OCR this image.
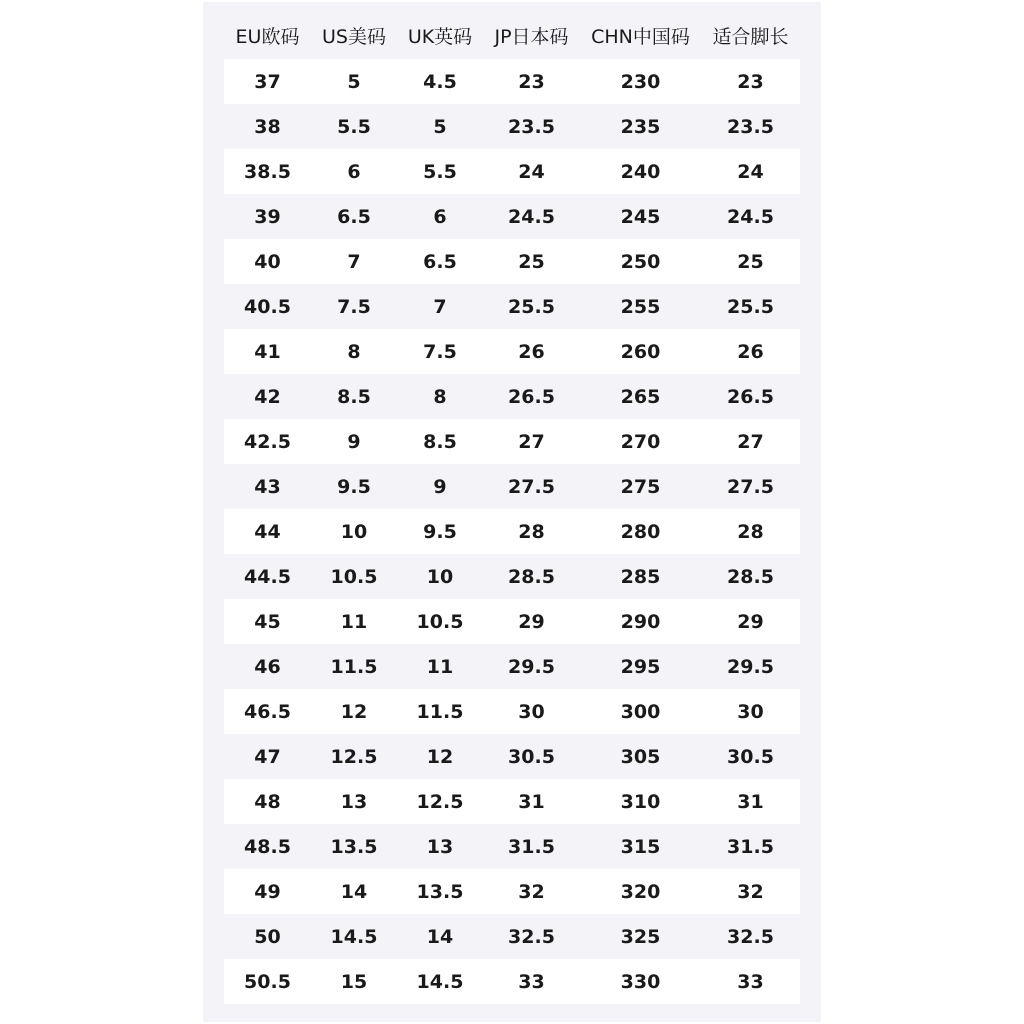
EU欧码	US美码	UK英码	JP日本码	CHN中国码	适合脚长
37	5	4.5	23	230	23
38	5.5	5	23.5	235	23.5
38.5	6	5.5	24	240	24
39	6.5	6	24.5	245	24.5
40	7	6.5	25	250	25
40.5	7.5	7	25.5	255	25.5
41	8	7.5	26	260	26
42	8.5	8	26.5	265	26.5
42.5	9	8.5	27	270	27
43	9.5	9	27.5	275	27.5
44	10	9.5	28	280	28
44.5	10.5	10	28.5	285	28.5
45	11	10.5	29	290	29
46	11.5	11	29.5	295	29.5
46.5	12	11.5	30	300	30
47	12.5	12	30.5	305	30.5
48	13	12.5	31	310	31
48.5	13.5	13	31.5	315	31.5
49	14	13.5	32	320	32
50	14.5	14	32.5	325	32.5
50.5	15	14.5	33	330	33
